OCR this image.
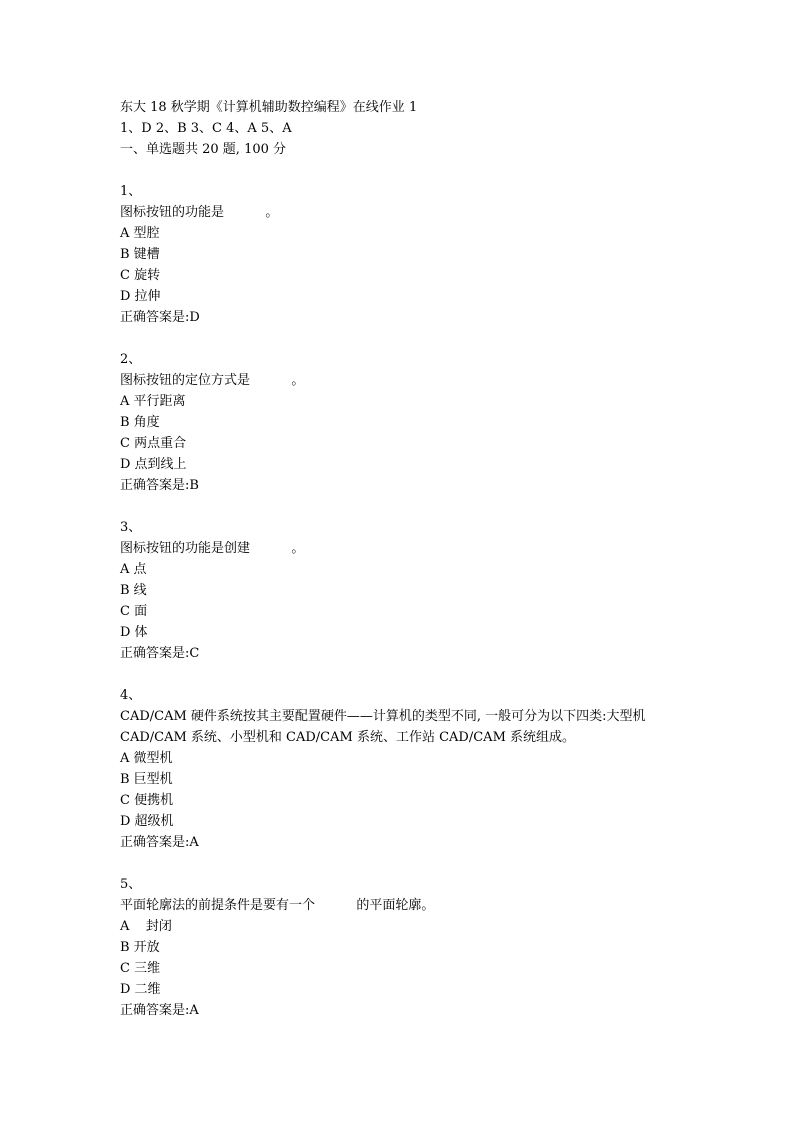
东大 18 秋学期《计算机辅助数控编程》在线作业 1
1、D 2、B 3、C 4、A 5、A
一、单选题共 20 题, 100 分
1、
图标按钮的功能是          。
A 型腔
B 键槽
C 旋转
D 拉伸
正确答案是:D
2、
图标按钮的定位方式是          。
A 平行距离
B 角度
C 两点重合
D 点到线上
正确答案是:B
3、
图标按钮的功能是创建          。
A 点
B 线
C 面
D 体
正确答案是:C
4、
CAD/CAM 硬件系统按其主要配置硬件——计算机的类型不同, 一般可分为以下四类:大型机 CAD/CAM 系统、小型机和 CAD/CAM 系统、工作站 CAD/CAM 系统组成。
A 微型机
B 巨型机
C 便携机
D 超级机
正确答案是:A
5、
平面轮廓法的前提条件是要有一个          的平面轮廓。
A    封闭
B 开放
C 三维
D 二维
正确答案是:A
